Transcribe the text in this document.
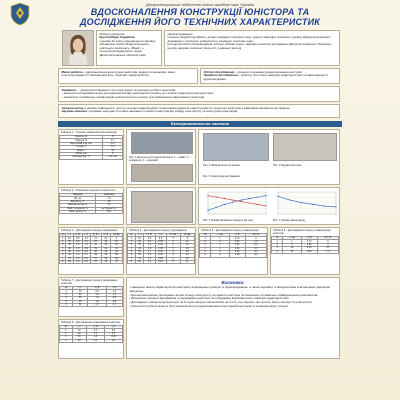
Дніпропетровське відділення Малої академії наук України
ВДОСКОНАЛЕННЯ КОНСТРУКЦІЇ ЮНІСТОРА ТА
ДОСЛІДЖЕННЯ ЙОГО ТЕХНІЧНИХ ХАРАКТЕРИСТИК
Роботу виконала:
Кругла Марія Андріївна,
учениця 11 класу комунального закладу «Юнацька» освіти Маріупольського освітнього комплексу «Ліцей...» Сільськогосподарського ліцею Дніпропетровської обласної ради
Наукові керівники:
Ільченко Андрій Сергійович, доцент кафедри технічних наук, доцент кафедри технічного сервісу Дніпропетровського державного технічного університету, кандидат технічних наук;
Костарихін Юлія Олександрівна, вчитель фізики ліцею і науково-технічних досліджень Дніпропетровського обласного центру науково-технічної творчості учнівської молоді
Мета роботи – вдосконалення конструкції юністорів, відкриття механізму зміни електропровідності і визначення його технічних характеристик.
Об'єкт дослідження – процеси в режимах функціонування юністорів.
Предмет дослідження – юністор, його вольт-амперні характеристики та закономірності функціонування.
Завдання: – узагальнити відомості про конструкції та принципи роботи юністорів;
– виконати експериментальні дослідження впливу компонентів розчину на технічні характеристики юністора;
– визначити оптимальну конфігурацію електролітного розчину для підвищення ефективності юністора.
Актуальність в умовах підвищеного попиту на енергонакопичувачі та автономні джерела енергії розвиток технології юністорів є важливим напрямом досліджень.
Наукова новизна: отримано нові дані стосовно залежності ємності юністора від складу електроліту та конструкції електродів.
Експериментальна частина
Таблиця 1 – Технічні характеристики юністора
Ємність, Ф	5
Напруга, В	2,7
Внутрішній опір, Ом	0,07
Струм, А	3,5
Маса, г	10
Об'єм, см³	6
Температура, °С	-40..+65	Рис. 1 Електрод після виготовлення; 1 – графіт; 2 – сепаратор; 3 – алюміній
Рис. 2 Лабораторна установка	Рис. 3 Будова юністора
Рис. 4 Апаратура дослідження
Таблиця 2 – Показники щільності електроліту
Показник	Значення
pH, од	7,0
Щільність, %	96
Масова частка, %	0,1
Вміст сульфатів, %	не більше 0,1
Вміст заліза, %	0,01
Рис. 5 Графік залежності напруги від часу	Рис. 7 Графік саморозряду
Таблиця 3 – Дослідження процесу заряджання
№	t, с	U, В	I, А	Q, Кл	C, Ф	W, Дж
1	10	0,5	1,2	12	24	3
2	20	0,9	1,1	22	24	10
3	30	1,3	1,0	31	24	20
4	40	1,6	0,9	39	24	31
5	50	1,9	0,8	46	24	44
6	60	2,1	0,7	52	25	55
7	70	2,3	0,6	57	25	66
8	80	2,5	0,5	61	24	76
Таблиця 4 – Дослідження процесу розряджання
№	t, с	U, В	I, А	R, Ом	W, Дж
1	10	2,5	0,5	5	6
2	20	2,3	0,46	5	11
3	30	2,1	0,42	5	15
4	40	1,9	0,38	5	19
5	50	1,7	0,34	5	22
6	60	1,5	0,30	5	24
7	70	1,3	0,26	5	26
8	80	1,1	0,22	5	27
Таблиця 5 – Дослідження процесу саморозряду
№	t, год	U, В	ΔU, %
1	1	2,70	0
2	2	2,66	1,5
3	3	2,63	2,6
4	4	2,61	3,3
5	5	2,59	4,1
6	6	2,58	4,4
Таблиця 6 – Дослідження процесу саморозряду юністора
№	t, год	U, В	ΔU, %
1	1	2,70	0
2	5	2,62	3
3	10	2,55	5,5
4	15	2,50	7,4
Таблиця 7 – Дослідження процесу заряджання юністора
№	t, с	U, В	I, А
1	10	0,6	1,3
2	20	1,0	1,1
3	30	1,4	0,9
4	40	1,8	0,8
5	50	2,1	0,7
Таблиця 8 – Дослідження розряджання юністора
№	t, с	U, В	I, А
1	10	2,4	0,5
2	20	2,1	0,4
3	30	1,8	0,35
4	40	1,5	0,3
Висновки:
• Наведено аналіз характеристик юністорів та визначено принцип їх функціонування, а також переваги їх використання в автономних джерелах живлення.
• Експериментально досліджено вплив складу електроліту на ємність юністора; встановлено оптимальне співвідношення компонентів.
• Визначено процеси заряджання і розряджання юністора та побудовано відповідні вольт-амперні характеристики.
• Досліджено саморозряд юністора: за 6 годин напруга зменшилася на 4,4 %, що свідчить про високу якість ізоляції та електроліту.
• Результати роботи можуть бути використані для вдосконалення конструкцій юністорів та в навчальному процесі.
